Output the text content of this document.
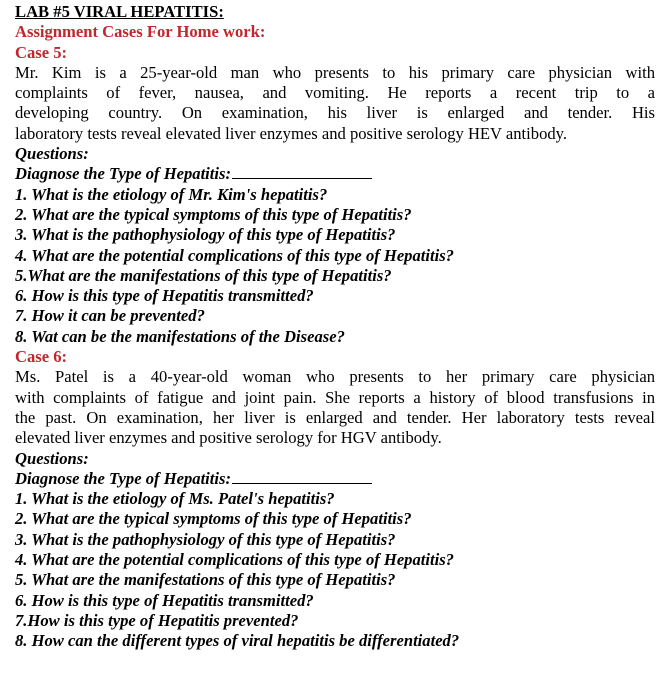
LAB #5 VIRAL HEPATITIS:
Assignment Cases For Home work:
Case 5:
Mr. Kim is a 25-year-old man who presents to his primary care physician with
complaints of fever, nausea, and vomiting. He reports a recent trip to a
developing country. On examination, his liver is enlarged and tender. His
laboratory tests reveal elevated liver enzymes and positive serology HEV antibody.
Questions:
Diagnose the Type of Hepatitis:
1. What is the etiology of Mr. Kim's hepatitis?
2. What are the typical symptoms of this type of Hepatitis?
3. What is the pathophysiology of this type of Hepatitis?
4. What are the potential complications of this type of Hepatitis?
5.What are the manifestations of this type of Hepatitis?
6. How is this type of Hepatitis transmitted?
7. How it can be prevented?
8. Wat can be the manifestations of the Disease?
Case 6:
Ms. Patel is a 40-year-old woman who presents to her primary care physician
with complaints of fatigue and joint pain. She reports a history of blood transfusions in
the past. On examination, her liver is enlarged and tender. Her laboratory tests reveal
elevated liver enzymes and positive serology for HGV antibody.
Questions:
Diagnose the Type of Hepatitis:
1. What is the etiology of Ms. Patel's hepatitis?
2. What are the typical symptoms of this type of Hepatitis?
3. What is the pathophysiology of this type of Hepatitis?
4. What are the potential complications of this type of Hepatitis?
5. What are the manifestations of this type of Hepatitis?
6. How is this type of Hepatitis transmitted?
7.How is this type of Hepatitis prevented?
8. How can the different types of viral hepatitis be differentiated?
